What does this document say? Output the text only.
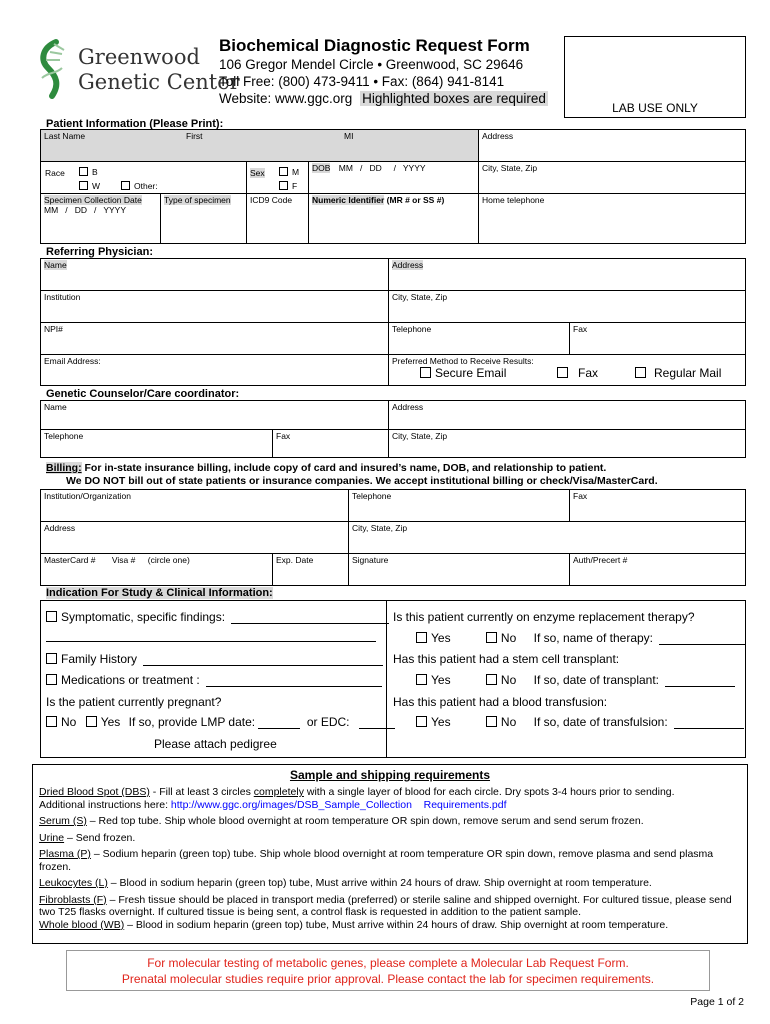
Greenwood
Genetic Center
Biochemical Diagnostic Request Form
106 Gregor Mendel Circle • Greenwood, SC 29646
Toll Free: (800) 473-9411 • Fax: (864) 941-8141
Website: www.ggc.org Highlighted boxes are required
LAB USE ONLY
Patient Information (Please Print):
Last Name	First	MI	Address
Race	B
W	Other:
Sex	M
F
DOB MM   /   DD     /   YYYY	City, State, Zip
Specimen Collection Date
MM   /   DD   /   YYYY
Type of specimen	ICD9 Code	Numeric Identifier (MR # or SS #)	Home telephone
Referring Physician:
Name	Address
Institution	City, State, Zip
NPI#	Telephone	Fax
Email Address:	Preferred Method to Receive Results:
Secure Email	Fax	Regular Mail
Genetic Counselor/Care coordinator:
Name	Address
Telephone	Fax	City, State, Zip
Billing: For in-state insurance billing, include copy of card and insured’s name, DOB, and relationship to patient.
We DO NOT bill out of state patients or insurance companies. We accept institutional billing or check/Visa/MasterCard.
Institution/Organization	Telephone	Fax
Address	City, State, Zip
MasterCard # Visa # (circle one)	Exp. Date	Signature	Auth/Precert #
Indication For Study & Clinical Information:
Symptomatic, specific findings:
Family History
Medications or treatment :
Is the patient currently pregnant?
No Yes If so, provide LMP date:	or EDC:
Please attach pedigree
Is this patient currently on enzyme replacement therapy?
Yes	No If so, name of therapy:
Has this patient had a stem cell transplant:
Yes	No If so, date of transplant:
Has this patient had a blood transfusion:
Yes	No If so, date of transfulsion:
Sample and shipping requirements
Dried Blood Spot (DBS) - Fill at least 3 circles completely with a single layer of blood for each circle. Dry spots 3-4 hours prior to sending.
Additional instructions here: http://www.ggc.org/images/DSB_Sample_Collection    Requirements.pdf
Serum (S) – Red top tube. Ship whole blood overnight at room temperature OR spin down, remove serum and send serum frozen.
Urine – Send frozen.
Plasma (P) – Sodium heparin (green top) tube. Ship whole blood overnight at room temperature OR spin down, remove plasma and send plasma frozen.
Leukocytes (L) – Blood in sodium heparin (green top) tube, Must arrive within 24 hours of draw. Ship overnight at room temperature.
Fibroblasts (F) – Fresh tissue should be placed in transport media (preferred) or sterile saline and shipped overnight. For cultured tissue, please send two T25 flasks overnight. If cultured tissue is being sent, a control flask is requested in addition to the patient sample.
Whole blood (WB) – Blood in sodium heparin (green top) tube, Must arrive within 24 hours of draw. Ship overnight at room temperature.
For molecular testing of metabolic genes, please complete a Molecular Lab Request Form.
Prenatal molecular studies require prior approval. Please contact the lab for specimen requirements.
Page 1 of 2
